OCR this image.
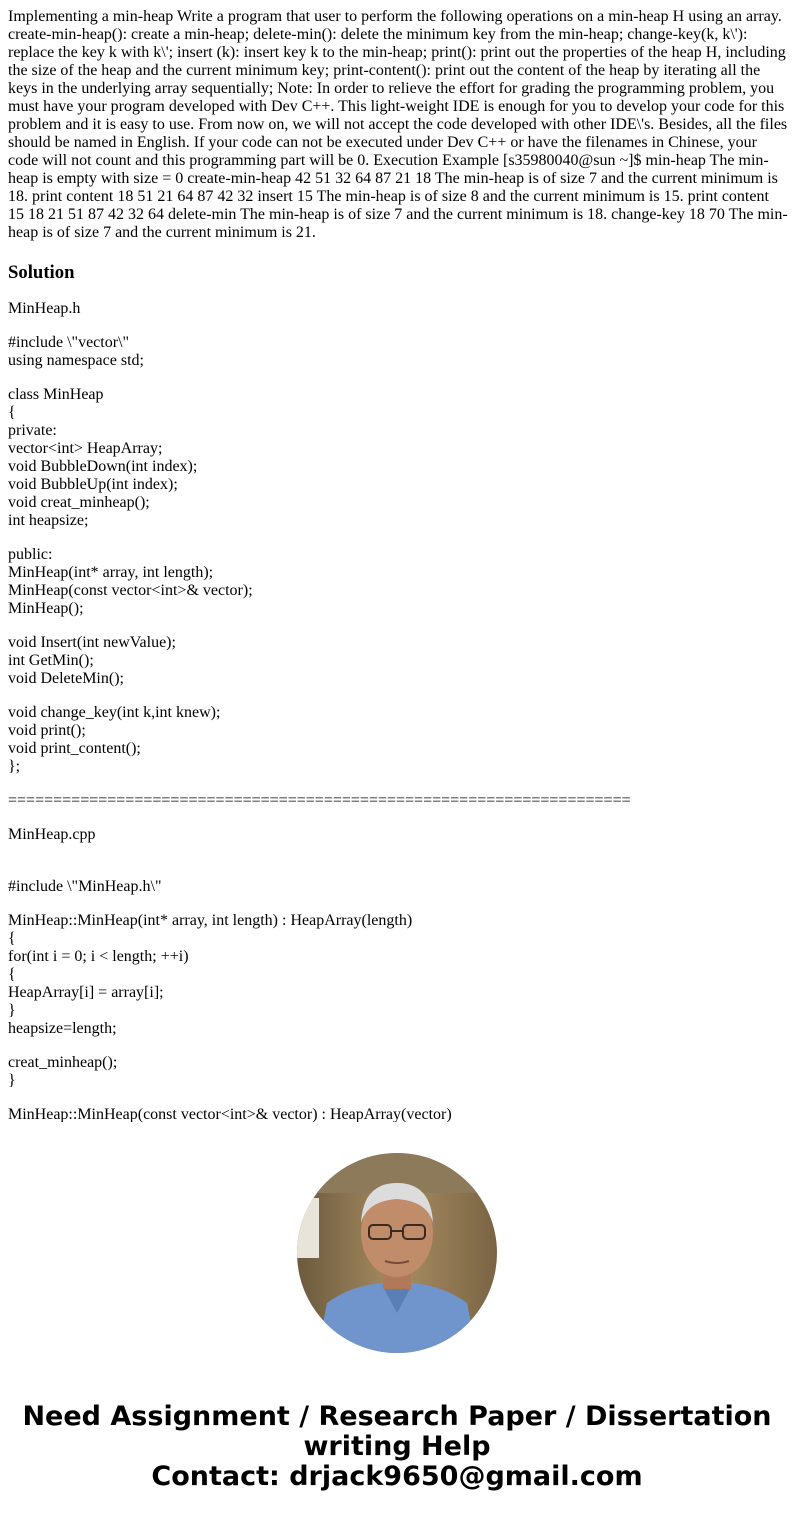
Implementing a min-heap Write a program that user to perform the following operations on a min-heap H using an array. create-min-heap(): create a min-heap; delete-min(): delete the minimum key from the min-heap; change-key(k, k\'): replace the key k with k\'; insert (k): insert key k to the min-heap; print(): print out the properties of the heap H, including the size of the heap and the current minimum key; print-content(): print out the content of the heap by iterating all the keys in the underlying array sequentially; Note: In order to relieve the effort for grading the programming problem, you must have your program developed with Dev C++. This light-weight IDE is enough for you to develop your code for this problem and it is easy to use. From now on, we will not accept the code developed with other IDE\'s. Besides, all the files should be named in English. If your code can not be executed under Dev C++ or have the filenames in Chinese, your code will not count and this programming part will be 0. Execution Example [s35980040@sun ~]$ min-heap The min-heap is empty with size = 0 create-min-heap 42 51 32 64 87 21 18 The min-heap is of size 7 and the current minimum is 18. print content 18 51 21 64 87 42 32 insert 15 The min-heap is of size 8 and the current minimum is 15. print content 15 18 21 51 87 42 32 64 delete-min The min-heap is of size 7 and the current minimum is 18. change-key 18 70 The min-heap is of size 7 and the current minimum is 21.

Solution

MinHeap.h

#include \"vector\"
using namespace std;
class MinHeap
{
private:
vector<int> HeapArray;
void BubbleDown(int index);
void BubbleUp(int index);
void creat_minheap();
int heapsize;
public:
MinHeap(int* array, int length);
MinHeap(const vector<int>& vector);
MinHeap();
void Insert(int newValue);
int GetMin();
void DeleteMin();
void change_key(int k,int knew);
void print();
void print_content();
};

=====================================================================

MinHeap.cpp

#include \"MinHeap.h\"
MinHeap::MinHeap(int* array, int length) : HeapArray(length)
{
for(int i = 0; i < length; ++i)
{
HeapArray[i] = array[i];
}
heapsize=length;
creat_minheap();
}
MinHeap::MinHeap(const vector<int>& vector) : HeapArray(vector)
Need Assignment / Research Paper / Dissertation
writing Help
Contact: drjack9650@gmail.com
